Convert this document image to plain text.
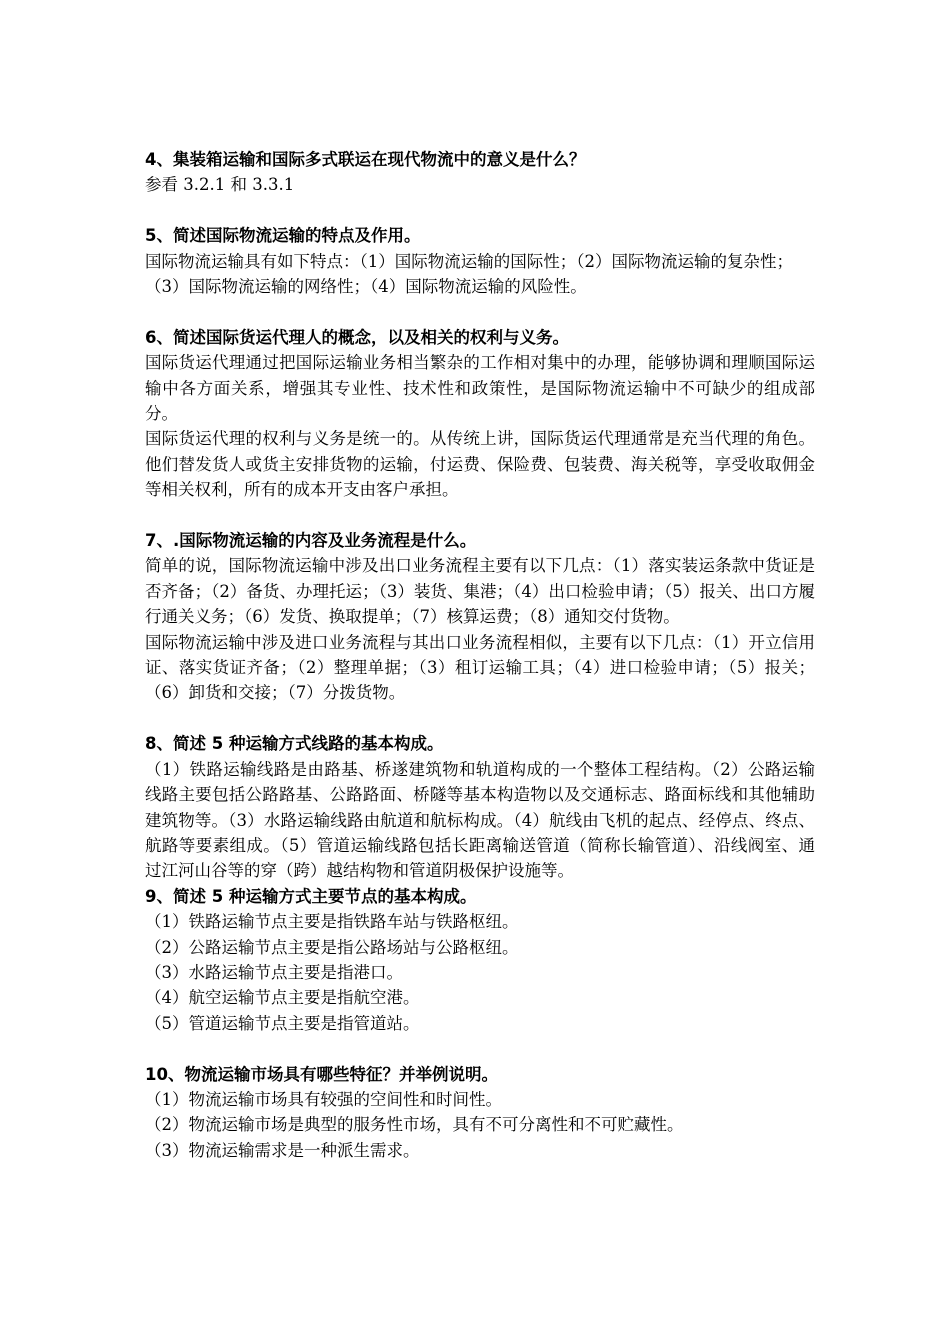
4、集装箱运输和国际多式联运在现代物流中的意义是什么？

参看 3.2.1 和 3.3.1

5、简述国际物流运输的特点及作用。

国际物流运输具有如下特点：（1）国际物流运输的国际性；（2）国际物流运输的复杂性；

（3）国际物流运输的网络性；（4）国际物流运输的风险性。

6、简述国际货运代理人的概念，以及相关的权利与义务。

国际货运代理通过把国际运输业务相当繁杂的工作相对集中的办理，能够协调和理顺国际运输中各方面关系，增强其专业性、技术性和政策性，是国际物流运输中不可缺少的组成部分。

国际货运代理的权利与义务是统一的。从传统上讲，国际货运代理通常是充当代理的角色。他们替发货人或货主安排货物的运输，付运费、保险费、包装费、海关税等，享受收取佣金等相关权利，所有的成本开支由客户承担。

7、.国际物流运输的内容及业务流程是什么。

简单的说，国际物流运输中涉及出口业务流程主要有以下几点：（1）落实装运条款中货证是否齐备；（2）备货、办理托运；（3）装货、集港；（4）出口检验申请；（5）报关、出口方履行通关义务；（6）发货、换取提单；（7）核算运费；（8）通知交付货物。

国际物流运输中涉及进口业务流程与其出口业务流程相似，主要有以下几点：（1）开立信用证、落实货证齐备；（2）整理单据；（3）租订运输工具；（4）进口检验申请；（5）报关；（6）卸货和交接；（7）分拨货物。

8、简述 5 种运输方式线路的基本构成。

（1）铁路运输线路是由路基、桥遂建筑物和轨道构成的一个整体工程结构。（2）公路运输线路主要包括公路路基、公路路面、桥隧等基本构造物以及交通标志、路面标线和其他辅助建筑物等。（3）水路运输线路由航道和航标构成。（4）航线由飞机的起点、经停点、终点、航路等要素组成。（5）管道运输线路包括长距离输送管道（简称长输管道）、沿线阀室、通过江河山谷等的穿（跨）越结构物和管道阴极保护设施等。

9、简述 5 种运输方式主要节点的基本构成。

（1）铁路运输节点主要是指铁路车站与铁路枢纽。

（2）公路运输节点主要是指公路场站与公路枢纽。

（3）水路运输节点主要是指港口。

（4）航空运输节点主要是指航空港。

（5）管道运输节点主要是指管道站。

10、物流运输市场具有哪些特征？并举例说明。

（1）物流运输市场具有较强的空间性和时间性。

（2）物流运输市场是典型的服务性市场，具有不可分离性和不可贮藏性。

（3）物流运输需求是一种派生需求。
